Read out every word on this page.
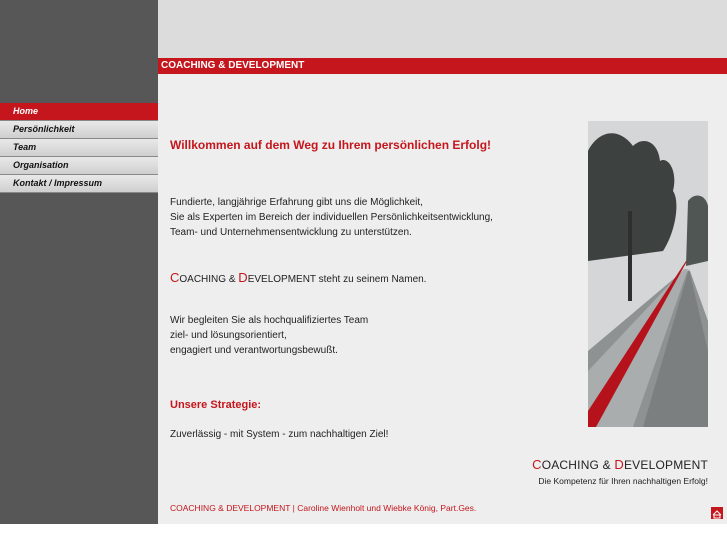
Home
Persönlichkeit
Team
Organisation
Kontakt / Impressum
COACHING & DEVELOPMENT
Willkommen auf dem Weg zu Ihrem persönlichen Erfolg!
Fundierte, langjährige Erfahrung gibt uns die Möglichkeit,
Sie als Experten im Bereich der individuellen Persönlichkeitsentwicklung,
Team- und Unternehmensentwicklung zu unterstützen.
COACHING & DEVELOPMENT steht zu seinem Namen.
Wir begleiten Sie als hochqualifiziertes Team
ziel- und lösungsorientiert,
engagiert und verantwortungsbewußt.
Unsere Strategie:
Zuverlässig - mit System - zum nachhaltigen Ziel!
COACHING & DEVELOPMENT
Die Kompetenz für Ihren nachhaltigen Erfolg!
COACHING & DEVELOPMENT | Caroline Wienholt und Wiebke König, Part.Ges.
